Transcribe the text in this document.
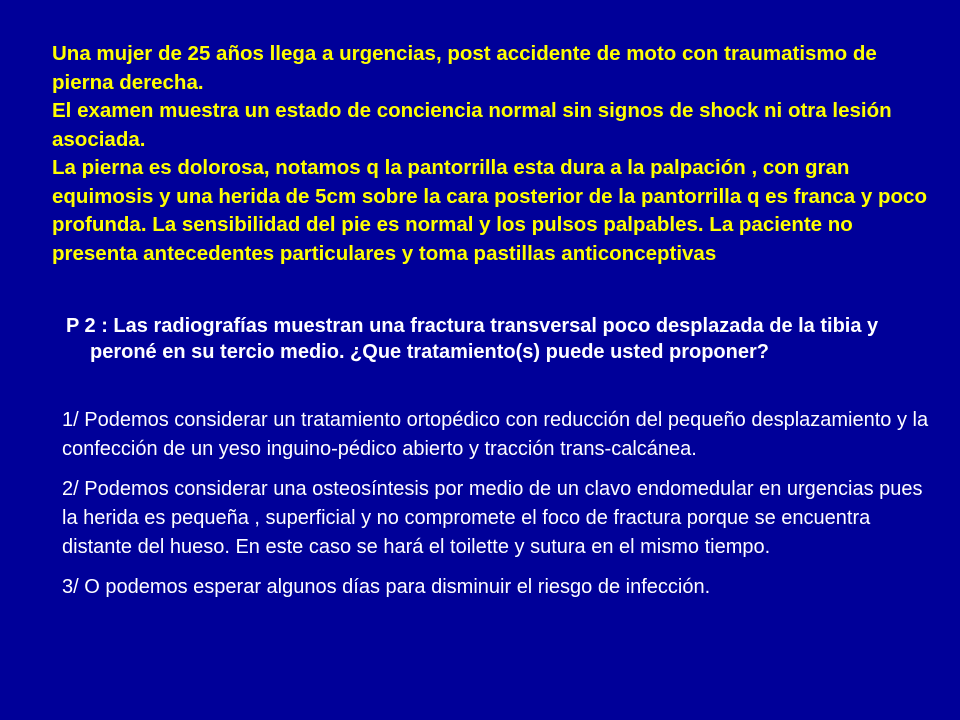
Una mujer de 25 años llega a urgencias, post accidente de moto con traumatismo de pierna derecha.

El examen muestra un estado de conciencia normal sin signos de shock ni otra lesión asociada.

La pierna es dolorosa, notamos q la pantorrilla esta dura a la palpación , con gran equimosis y una herida de 5cm sobre la cara posterior de la pantorrilla q es franca y poco profunda. La sensibilidad del pie es normal y los pulsos palpables. La paciente no presenta antecedentes particulares y toma pastillas anticonceptivas

P 2 : Las radiografías muestran una fractura transversal poco desplazada de la tibia y peroné en su tercio medio. ¿Que tratamiento(s) puede usted proponer?

1/ Podemos considerar un tratamiento ortopédico con reducción del pequeño desplazamiento y la confección de un yeso inguino-pédico abierto y tracción trans-calcánea.

2/ Podemos considerar una osteosíntesis por medio de un clavo endomedular en urgencias pues la herida es pequeña , superficial y no compromete el foco de fractura porque se encuentra distante del hueso. En este caso se hará el toilette y sutura en el mismo tiempo.

3/ O podemos esperar algunos días para disminuir el riesgo de infección.
